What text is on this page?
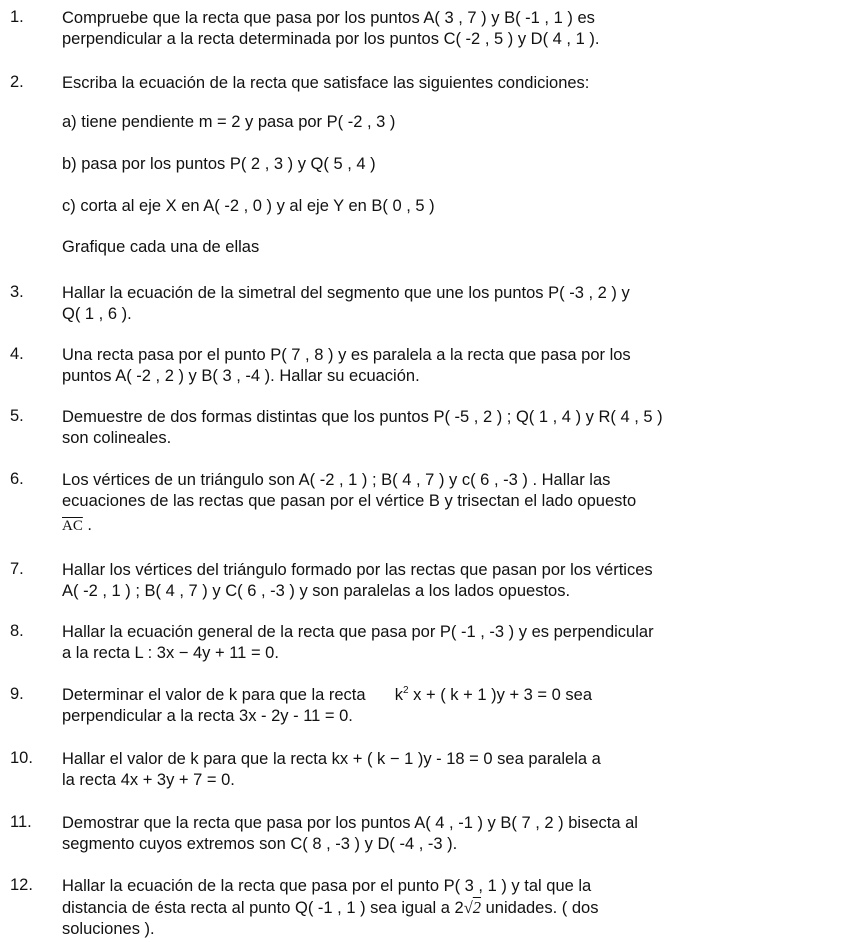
1. Compruebe que la recta que pasa por los puntos A( 3 , 7 ) y B( -1 , 1 ) es
perpendicular a la recta determinada por los puntos C( -2 , 5 ) y D( 4 , 1 ).
2. Escriba la ecuación de la recta que satisface las siguientes condiciones:
a) tiene pendiente m = 2 y pasa por P( -2 , 3 )
b) pasa por los puntos P( 2 , 3 ) y Q( 5 , 4 )
c) corta al eje X en A( -2 , 0 ) y al eje Y en B( 0 , 5 )
Grafique cada una de ellas
3. Hallar la ecuación de la simetral del segmento que une los puntos P( -3 , 2 ) y
Q( 1 , 6 ).
4. Una recta pasa por el punto P( 7 , 8 ) y es paralela a la recta que pasa por los
puntos A( -2 , 2 ) y B( 3 , -4 ). Hallar su ecuación.
5. Demuestre de dos formas distintas que los puntos P( -5 , 2 ) ; Q( 1 , 4 ) y R( 4 , 5 )
son colineales.
6. Los vértices de un triángulo son A( -2 , 1 ) ; B( 4 , 7 ) y c( 6 , -3 ) . Hallar las
ecuaciones de las rectas que pasan por el vértice B y trisectan el lado opuesto
$\overline{AC}$ .
7. Hallar los vértices del triángulo formado por las rectas que pasan por los vértices
A( -2 , 1 ) ; B( 4 , 7 ) y C( 6 , -3 ) y son paralelas a los lados opuestos.
8. Hallar la ecuación general de la recta que pasa por P( -1 , -3 ) y es perpendicular
a la recta L : 3x − 4y + 11 = 0.
9. Determinar el valor de k para que la recta $k^2$ x + ( k + 1 )y + 3 = 0 sea
perpendicular a la recta 3x - 2y - 11 = 0.
10. Hallar el valor de k para que la recta kx + ( k − 1 )y - 18 = 0 sea paralela a
la recta 4x + 3y + 7 = 0.
11. Demostrar que la recta que pasa por los puntos A( 4 , -1 ) y B( 7 , 2 ) bisecta al
segmento cuyos extremos son C( 8 , -3 ) y D( -4 , -3 ).
12. Hallar la ecuación de la recta que pasa por el punto P( 3 , 1 ) y tal que la
distancia de ésta recta al punto Q( -1 , 1 ) sea igual a 2√2 unidades. ( dos
soluciones ).
